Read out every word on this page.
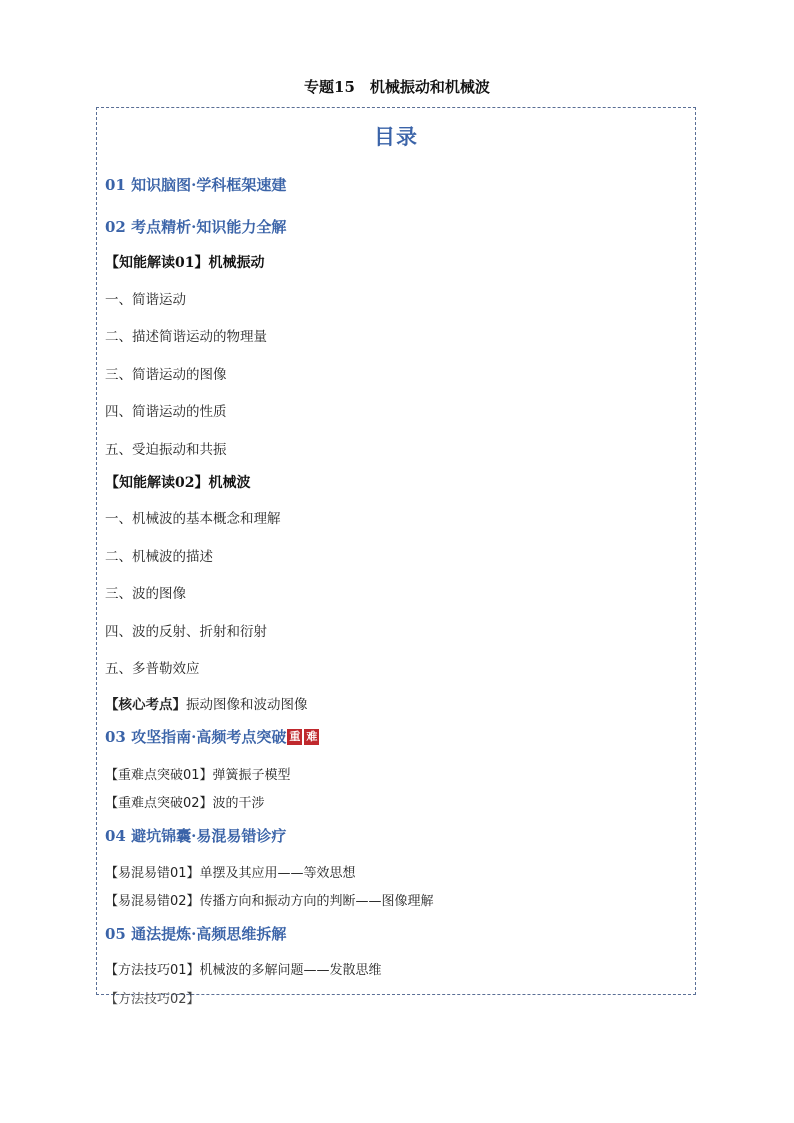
专题15　机械振动和机械波
目录
01 知识脑图·学科框架速建
02 考点精析·知识能力全解
【知能解读01】机械振动
一、简谐运动
二、描述简谐运动的物理量
三、简谐运动的图像
四、简谐运动的性质
五、受迫振动和共振
【知能解读02】机械波
一、机械波的基本概念和理解
二、机械波的描述
三、波的图像
四、波的反射、折射和衍射
五、多普勒效应
【核心考点】振动图像和波动图像
03 攻坚指南·高频考点突破 重 难
【重难点突破01】弹簧振子模型
【重难点突破02】波的干涉
04 避坑锦囊·易混易错诊疗
【易混易错01】单摆及其应用——等效思想
【易混易错02】传播方向和振动方向的判断——图像理解
05 通法提炼·高频思维拆解
【方法技巧01】机械波的多解问题——发散思维
【方法技巧02】
